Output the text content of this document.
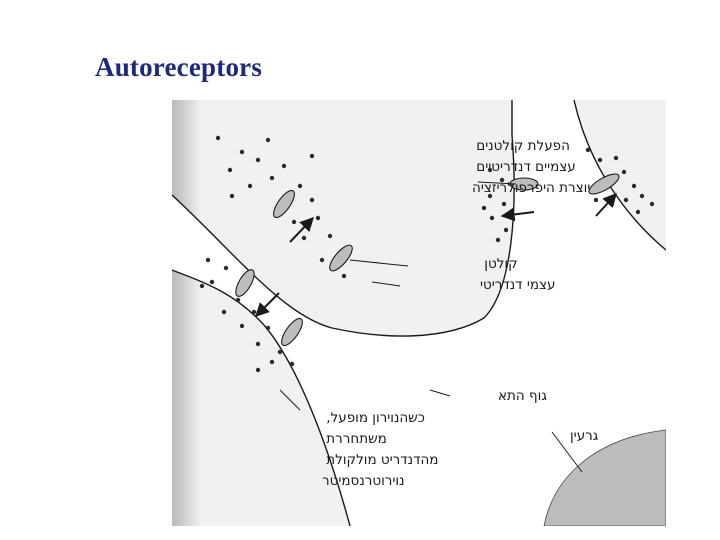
Autoreceptors
הפעלת קולטנים עצמיים דנדריטיים יוצרת היפרפולריזציה
קולטן עצמי דנדריטי
גוף התא
גרעין
כשהנוירון מופעל, משתחררת מהדנדריט מולקולת נוירוטרנסמיטר
